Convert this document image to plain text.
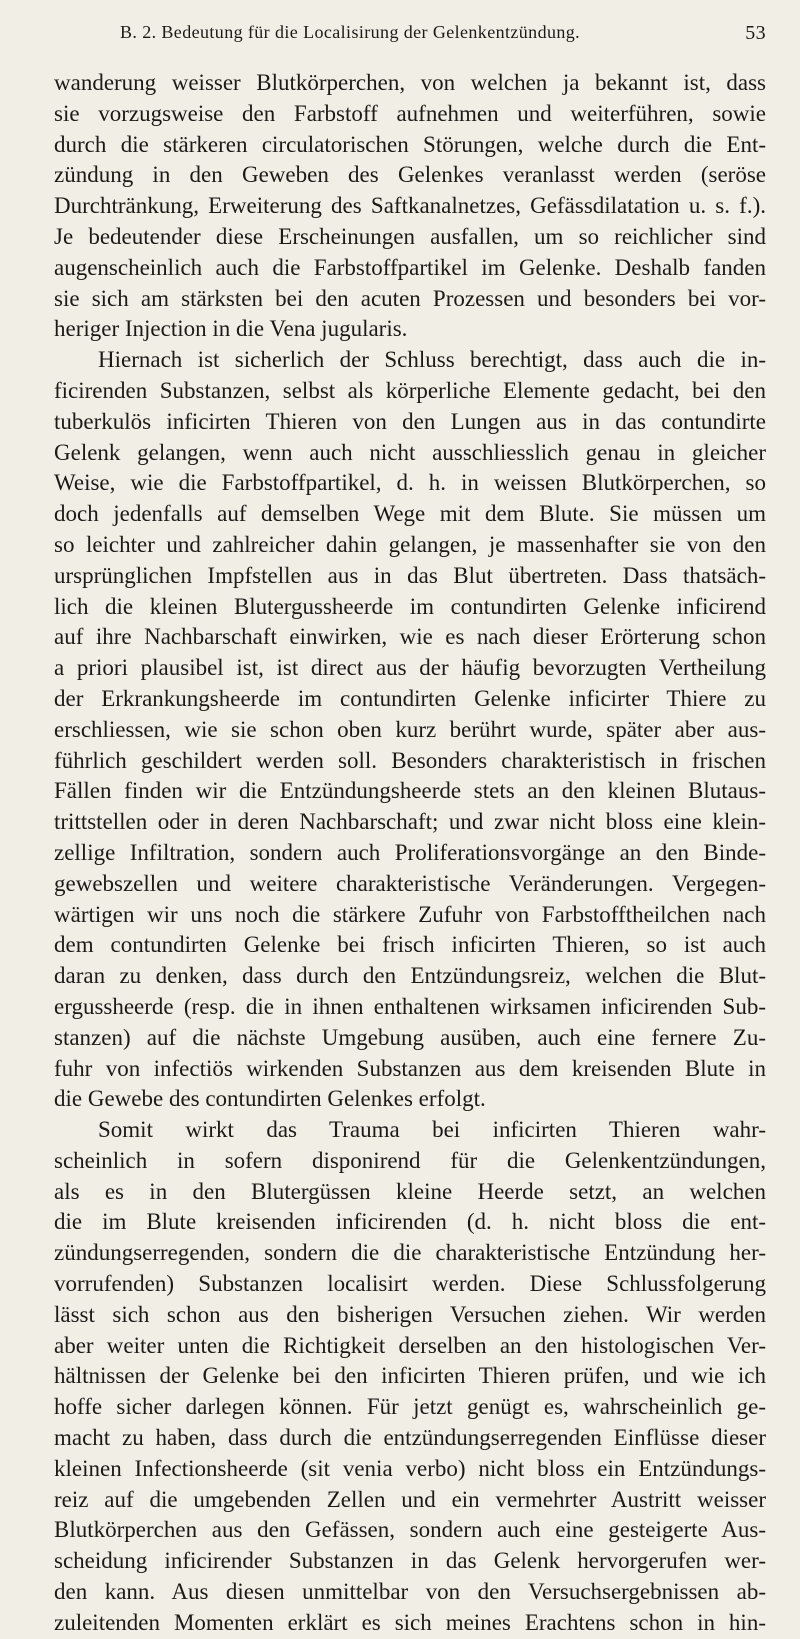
B. 2. Bedeutung für die Localisirung der Gelenkentzündung.	53
wanderung weisser Blutkörperchen, von welchen ja bekannt ist, dass
sie vorzugsweise den Farbstoff aufnehmen und weiterführen, sowie
durch die stärkeren circulatorischen Störungen, welche durch die Ent-
zündung in den Geweben des Gelenkes veranlasst werden (seröse
Durchtränkung, Erweiterung des Saftkanalnetzes, Gefässdilatation u. s. f.).
Je bedeutender diese Erscheinungen ausfallen, um so reichlicher sind
augenscheinlich auch die Farbstoffpartikel im Gelenke. Deshalb fanden
sie sich am stärksten bei den acuten Prozessen und besonders bei vor-
heriger Injection in die Vena jugularis.
Hiernach ist sicherlich der Schluss berechtigt, dass auch die in-
ficirenden Substanzen, selbst als körperliche Elemente gedacht, bei den
tuberkulös inficirten Thieren von den Lungen aus in das contundirte
Gelenk gelangen, wenn auch nicht ausschliesslich genau in gleicher
Weise, wie die Farbstoffpartikel, d. h. in weissen Blutkörperchen, so
doch jedenfalls auf demselben Wege mit dem Blute. Sie müssen um
so leichter und zahlreicher dahin gelangen, je massenhafter sie von den
ursprünglichen Impfstellen aus in das Blut übertreten. Dass thatsäch-
lich die kleinen Blutergussheerde im contundirten Gelenke inficirend
auf ihre Nachbarschaft einwirken, wie es nach dieser Erörterung schon
a priori plausibel ist, ist direct aus der häufig bevorzugten Vertheilung
der Erkrankungsheerde im contundirten Gelenke inficirter Thiere zu
erschliessen, wie sie schon oben kurz berührt wurde, später aber aus-
führlich geschildert werden soll. Besonders charakteristisch in frischen
Fällen finden wir die Entzündungsheerde stets an den kleinen Blutaus-
trittstellen oder in deren Nachbarschaft; und zwar nicht bloss eine klein-
zellige Infiltration, sondern auch Proliferationsvorgänge an den Binde-
gewebszellen und weitere charakteristische Veränderungen. Vergegen-
wärtigen wir uns noch die stärkere Zufuhr von Farbstofftheilchen nach
dem contundirten Gelenke bei frisch inficirten Thieren, so ist auch
daran zu denken, dass durch den Entzündungsreiz, welchen die Blut-
ergussheerde (resp. die in ihnen enthaltenen wirksamen inficirenden Sub-
stanzen) auf die nächste Umgebung ausüben, auch eine fernere Zu-
fuhr von infectiös wirkenden Substanzen aus dem kreisenden Blute in
die Gewebe des contundirten Gelenkes erfolgt.
Somit wirkt das Trauma bei inficirten Thieren wahr-
scheinlich in sofern disponirend für die Gelenkentzündungen,
als es in den Blutergüssen kleine Heerde setzt, an welchen
die im Blute kreisenden inficirenden (d. h. nicht bloss die ent-
zündungserregenden, sondern die die charakteristische Entzündung her-
vorrufenden) Substanzen localisirt werden. Diese Schlussfolgerung
lässt sich schon aus den bisherigen Versuchen ziehen. Wir werden
aber weiter unten die Richtigkeit derselben an den histologischen Ver-
hältnissen der Gelenke bei den inficirten Thieren prüfen, und wie ich
hoffe sicher darlegen können. Für jetzt genügt es, wahrscheinlich ge-
macht zu haben, dass durch die entzündungserregenden Einflüsse dieser
kleinen Infectionsheerde (sit venia verbo) nicht bloss ein Entzündungs-
reiz auf die umgebenden Zellen und ein vermehrter Austritt weisser
Blutkörperchen aus den Gefässen, sondern auch eine gesteigerte Aus-
scheidung inficirender Substanzen in das Gelenk hervorgerufen wer-
den kann. Aus diesen unmittelbar von den Versuchsergebnissen ab-
zuleitenden Momenten erklärt es sich meines Erachtens schon in hin-
